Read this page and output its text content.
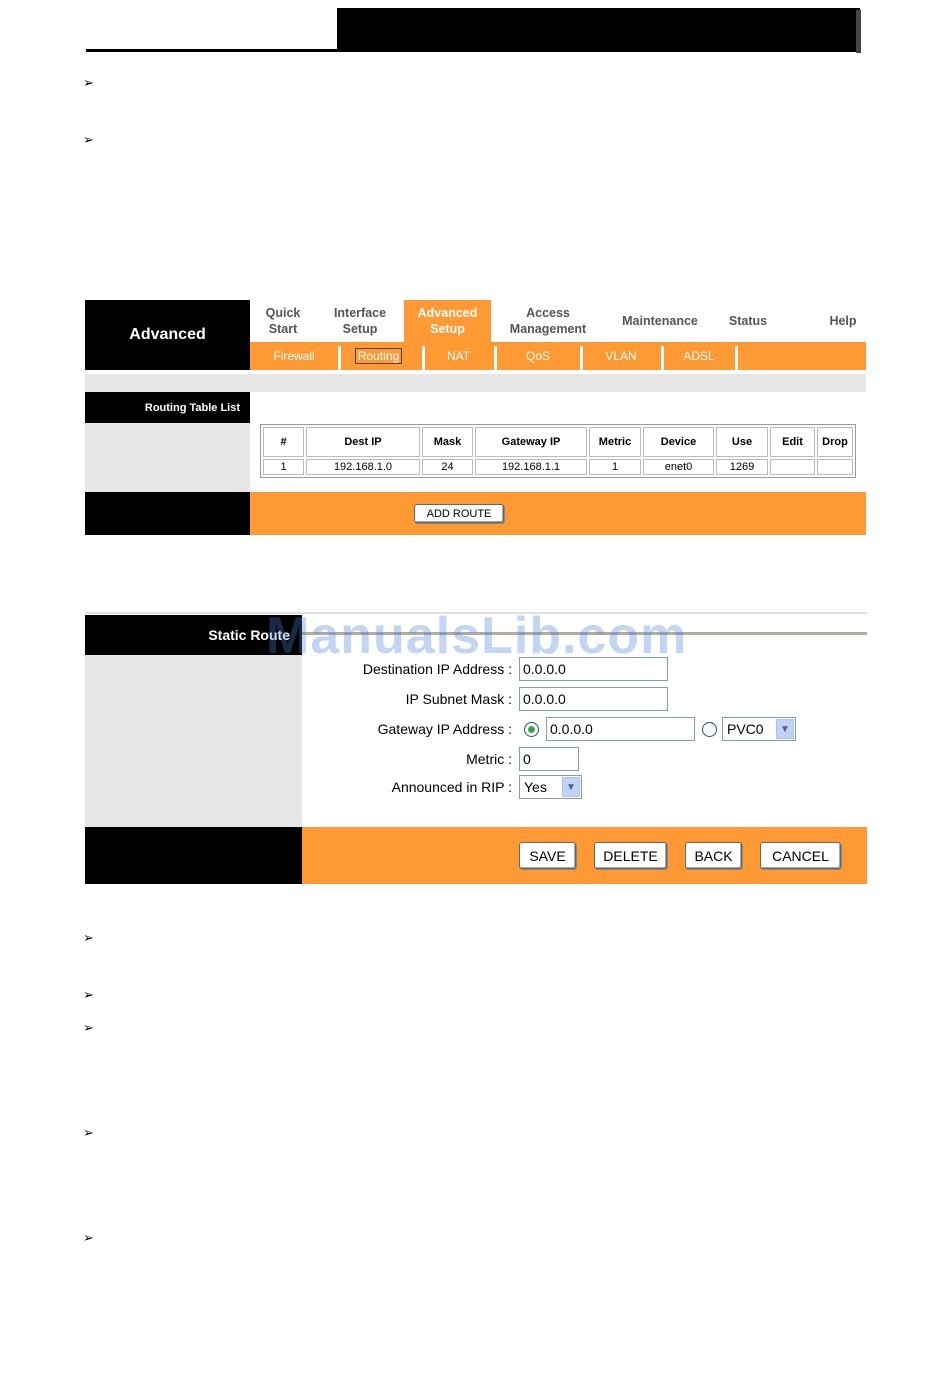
➢
➢
➢
➢
➢
➢
➢
Advanced
Quick
Start
Interface
Setup
Advanced
Setup
Access
Management
Maintenance	Status	Help
Firewall	Routing	NAT	QoS	VLAN	ADSL
Routing Table List
#	Dest IP	Mask	Gateway IP	Metric	Device	Use	Edit	Drop
1	192.168.1.0	24	192.168.1.1	1	enet0	1269		
ADD ROUTE
Static Route
Destination IP Address : 0.0.0.0
IP Subnet Mask : 0.0.0.0
Gateway IP Address :	0.0.0.0	PVC0	▼
Metric : 0
Announced in RIP : Yes	▼
SAVE	DELETE	BACK	CANCEL
ManualsLib.com
